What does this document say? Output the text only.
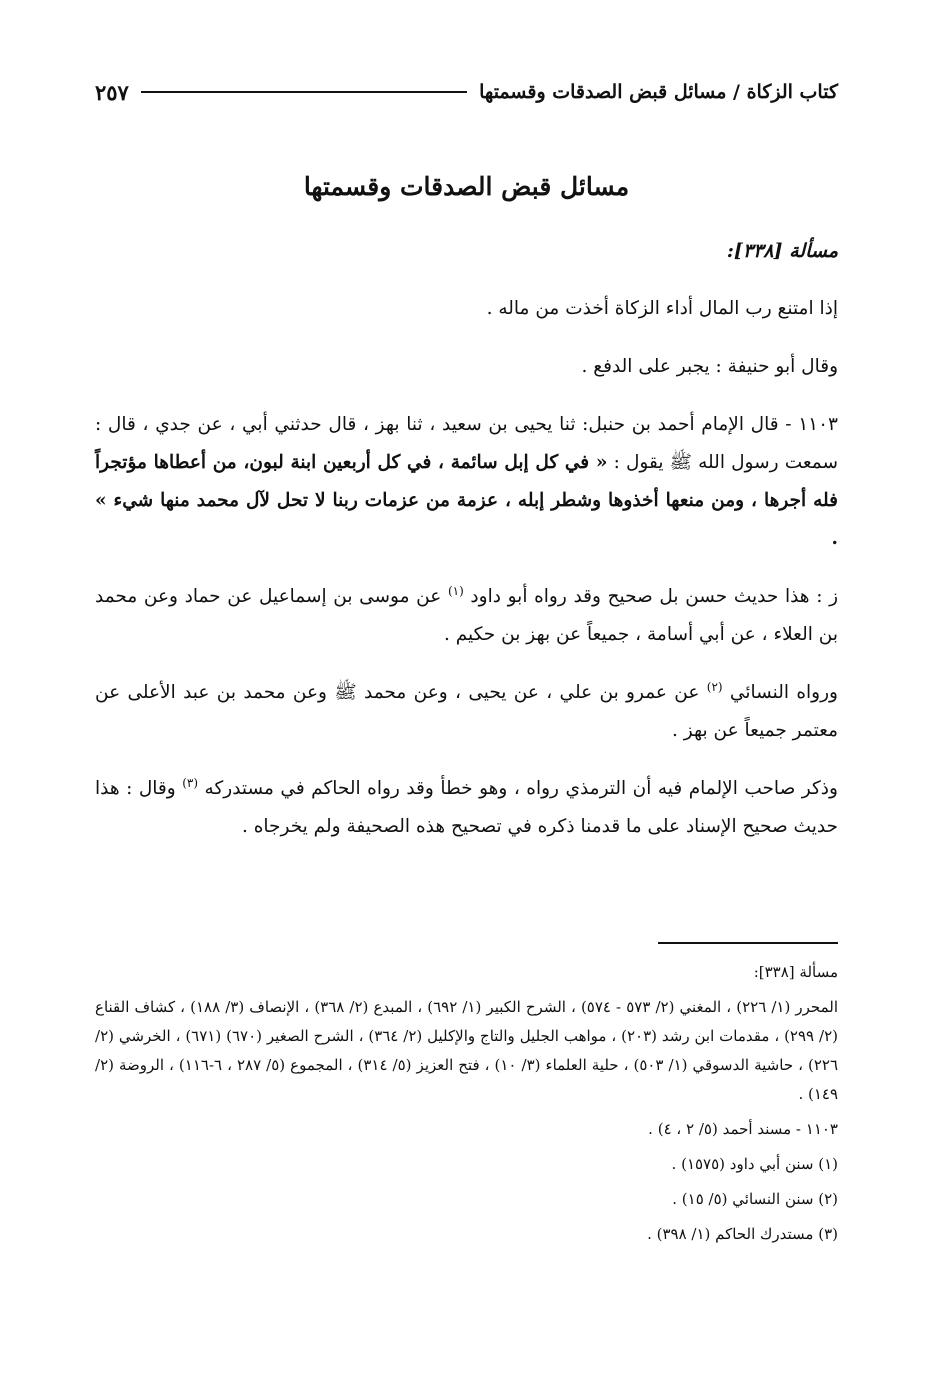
كتاب الزكاة / مسائل قبض الصدقات وقسمتها
٢٥٧
مسائل قبض الصدقات وقسمتها
مسألة [٣٣٨]:

إذا امتنع رب المال أداء الزكاة أخذت من ماله .

وقال أبو حنيفة : يجبر على الدفع .

١١٠٣ - قال الإمام أحمد بن حنبل: ثنا يحيى بن سعيد ، ثنا بهز ، قال حدثني أبي ، عن جدي ، قال : سمعت رسول الله ﷺ يقول : « في كل إبل سائمة ، في كل أربعين ابنة لبون، من أعطاها مؤتجراً فله أجرها ، ومن منعها أخذوها وشطر إبله ، عزمة من عزمات ربنا لا تحل لآل محمد منها شيء » .

ز : هذا حديث حسن بل صحيح وقد رواه أبو داود $^{(١)}$ عن موسى بن إسماعيل عن حماد وعن محمد بن العلاء ، عن أبي أسامة ، جميعاً عن بهز بن حكيم .

ورواه النسائي $^{(٢)}$ عن عمرو بن علي ، عن يحيى ، وعن محمد ﷺ وعن محمد بن عبد الأعلى عن معتمر جميعاً عن بهز .

وذكر صاحب الإلمام فيه أن الترمذي رواه ، وهو خطأ وقد رواه الحاكم في مستدركه $^{(٣)}$ وقال : هذا حديث صحيح الإسناد على ما قدمنا ذكره في تصحيح هذه الصحيفة ولم يخرجاه .

مسألة [٣٣٨]:

المحرر (١/ ٢٢٦) ، المغني (٢/ ٥٧٣ - ٥٧٤) ، الشرح الكبير (١/ ٦٩٢) ، المبدع (٢/ ٣٦٨) ، الإنصاف (٣/ ١٨٨) ، كشاف القناع (٢/ ٢٩٩) ، مقدمات ابن رشد (٢٠٣) ، مواهب الجليل والتاج والإكليل (٢/ ٣٦٤) ، الشرح الصغير (٦٧٠) (٦٧١) ، الخرشي (٢/ ٢٢٦) ، حاشية الدسوقي (١/ ٥٠٣) ، حلية العلماء (٣/ ١٠) ، فتح العزيز (٥/ ٣١٤) ، المجموع (٥/ ٢٨٧ ، ٦-١١٦) ، الروضة (٢/ ١٤٩) .

١١٠٣ - مسند أحمد (٥/ ٢ ، ٤) .

(١) سنن أبي داود (١٥٧٥) .

(٢) سنن النسائي (٥/ ١٥) .

(٣) مستدرك الحاكم (١/ ٣٩٨) .
